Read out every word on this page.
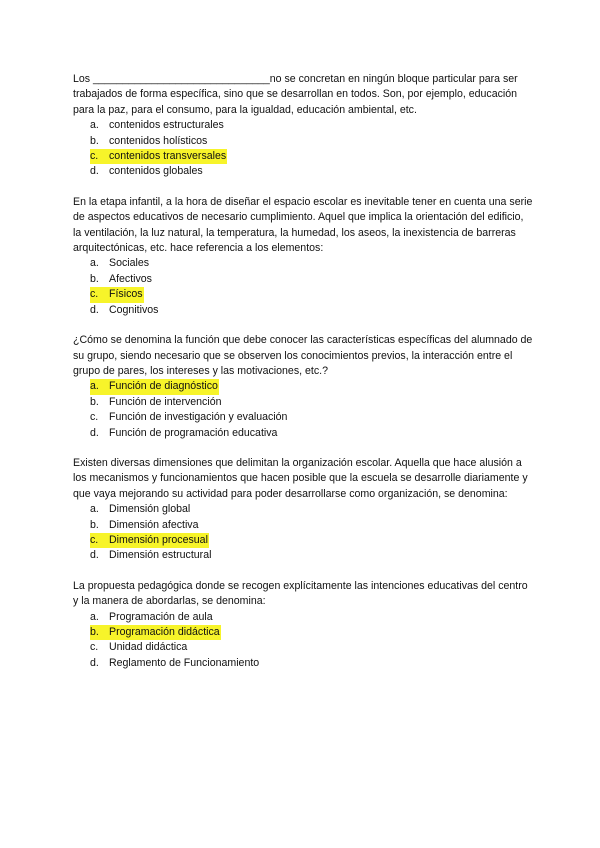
Los ______________________________no se concretan en ningún bloque particular para ser trabajados de forma específica, sino que se desarrollan en todos. Son, por ejemplo, educación para la paz, para el consumo, para la igualdad, educación ambiental, etc.

a. contenidos estructurales
b. contenidos holísticos
c.	contenidos transversales
d. contenidos globales

En la etapa infantil, a la hora de diseñar el espacio escolar es inevitable tener en cuenta una serie de aspectos educativos de necesario cumplimiento. Aquel que implica la orientación del edificio, la ventilación, la luz natural, la temperatura, la humedad, los aseos, la inexistencia de barreras arquitectónicas, etc. hace referencia a los elementos:

a. Sociales
b. Afectivos
c.	Físicos
d. Cognitivos

¿Cómo se denomina la función que debe conocer las características específicas del alumnado de su grupo, siendo necesario que se observen los conocimientos previos, la interacción entre el grupo de pares, los intereses y las motivaciones, etc.?

a. Función de diagnóstico
b. Función de intervención
c.	Función de investigación y evaluación
d. Función de programación educativa

Existen diversas dimensiones que delimitan la organización escolar. Aquella que hace alusión a los mecanismos y funcionamientos que hacen posible que la escuela se desarrolle diariamente y que vaya mejorando su actividad para poder desarrollarse como organización, se denomina:

a. Dimensión global
b. Dimensión afectiva
c.	Dimensión procesual
d. Dimensión estructural

La propuesta pedagógica donde se recogen explícitamente las intenciones educativas del centro y la manera de abordarlas, se denomina:

a. Programación de aula
b. Programación didáctica
c.	Unidad didáctica
d. Reglamento de Funcionamiento
